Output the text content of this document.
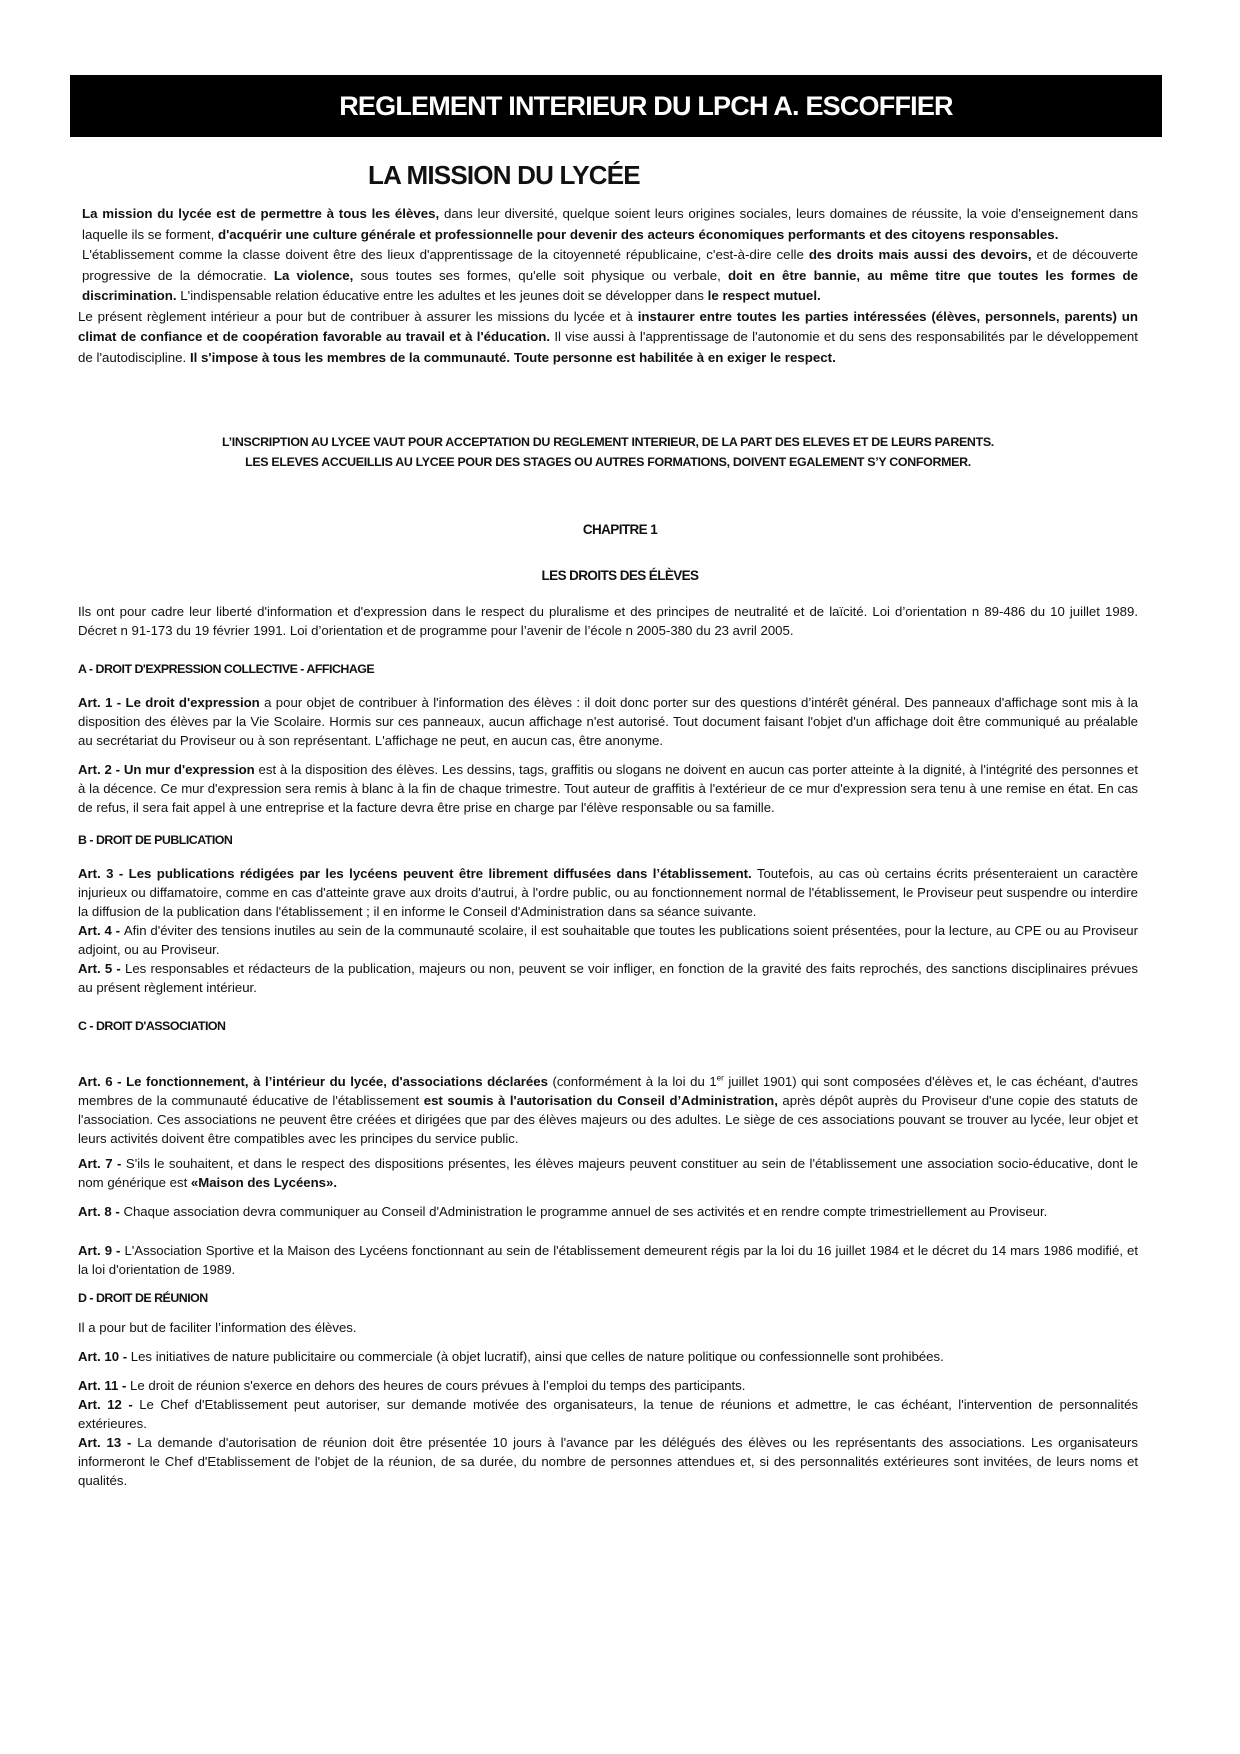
REGLEMENT INTERIEUR DU LPCH A. ESCOFFIER
LA MISSION DU LYCÉE

La mission du lycée est de permettre à tous les élèves, dans leur diversité, quelque soient leurs origines sociales, leurs domaines de réussite, la voie d'enseignement dans laquelle ils se forment, d'acquérir une culture générale et professionnelle pour devenir des acteurs économiques performants et des citoyens responsables.

L'établissement comme la classe doivent être des lieux d'apprentissage de la citoyenneté républicaine, c'est-à-dire celle des droits mais aussi des devoirs, et de découverte progressive de la démocratie. La violence, sous toutes ses formes, qu'elle soit physique ou verbale, doit en être bannie, au même titre que toutes les formes de discrimination. L'indispensable relation éducative entre les adultes et les jeunes doit se développer dans le respect mutuel.

Le présent règlement intérieur a pour but de contribuer à assurer les missions du lycée et à instaurer entre toutes les parties intéressées (élèves, personnels, parents) un climat de confiance et de coopération favorable au travail et à l'éducation. Il vise aussi à l'apprentissage de l'autonomie et du sens des responsabilités par le développement de l'autodiscipline. Il s'impose à tous les membres de la communauté. Toute personne est habilitée à en exiger le respect.

L’INSCRIPTION AU LYCEE VAUT POUR ACCEPTATION DU REGLEMENT INTERIEUR, DE LA PART DES ELEVES ET DE LEURS PARENTS.
LES ELEVES ACCUEILLIS AU LYCEE POUR DES STAGES OU AUTRES FORMATIONS, DOIVENT EGALEMENT S’Y CONFORMER.
CHAPITRE 1
LES DROITS DES ÉLÈVES

Ils ont pour cadre leur liberté d'information et d'expression dans le respect du pluralisme et des principes de neutralité et de laïcité. Loi d’orientation n 89-486 du 10 juillet 1989. Décret n 91-173 du 19 février 1991. Loi d’orientation et de programme pour l’avenir de l’école n 2005-380 du 23 avril 2005.

A - DROIT D'EXPRESSION COLLECTIVE - AFFICHAGE

Art. 1 - Le droit d'expression a pour objet de contribuer à l'information des élèves : il doit donc porter sur des questions d’intérêt général. Des panneaux d'affichage sont mis à la disposition des élèves par la Vie Scolaire. Hormis sur ces panneaux, aucun affichage n'est autorisé. Tout document faisant l'objet d'un affichage doit être communiqué au préalable au secrétariat du Proviseur ou à son représentant. L'affichage ne peut, en aucun cas, être anonyme.

Art. 2 - Un mur d'expression est à la disposition des élèves. Les dessins, tags, graffitis ou slogans ne doivent en aucun cas porter atteinte à la dignité, à l'intégrité des personnes et à la décence. Ce mur d'expression sera remis à blanc à la fin de chaque trimestre. Tout auteur de graffitis à l'extérieur de ce mur d'expression sera tenu à une remise en état. En cas de refus, il sera fait appel à une entreprise et la facture devra être prise en charge par l'élève responsable ou sa famille.

B - DROIT DE PUBLICATION

Art. 3 - Les publications rédigées par les lycéens peuvent être librement diffusées dans l’établissement. Toutefois, au cas où certains écrits présenteraient un caractère injurieux ou diffamatoire, comme en cas d'atteinte grave aux droits d'autrui, à l'ordre public, ou au fonctionnement normal de l'établissement, le Proviseur peut suspendre ou interdire la diffusion de la publication dans l'établissement ; il en informe le Conseil d'Administration dans sa séance suivante.

Art. 4 - Afin d'éviter des tensions inutiles au sein de la communauté scolaire, il est souhaitable que toutes les publications soient présentées, pour la lecture, au CPE ou au Proviseur adjoint, ou au Proviseur.

Art. 5 - Les responsables et rédacteurs de la publication, majeurs ou non, peuvent se voir infliger, en fonction de la gravité des faits reprochés, des sanctions disciplinaires prévues au présent règlement intérieur.

C - DROIT D'ASSOCIATION

Art. 6 - Le fonctionnement, à l’intérieur du lycée, d'associations déclarées (conformément à la loi du 1er juillet 1901) qui sont composées d'élèves et, le cas échéant, d'autres membres de la communauté éducative de l'établissement est soumis à l'autorisation du Conseil d’Administration, après dépôt auprès du Proviseur d'une copie des statuts de l'association. Ces associations ne peuvent être créées et dirigées que par des élèves majeurs ou des adultes. Le siège de ces associations pouvant se trouver au lycée, leur objet et leurs activités doivent être compatibles avec les principes du service public.

Art. 7 - S'ils le souhaitent, et dans le respect des dispositions présentes, les élèves majeurs peuvent constituer au sein de l'établissement une association socio-éducative, dont le nom générique est «Maison des Lycéens».

Art. 8 - Chaque association devra communiquer au Conseil d'Administration le programme annuel de ses activités et en rendre compte trimestriellement au Proviseur.

Art. 9 - L'Association Sportive et la Maison des Lycéens fonctionnant au sein de l'établissement demeurent régis par la loi du 16 juillet 1984 et le décret du 14 mars 1986 modifié, et la loi d'orientation de 1989.

D - DROIT DE RÉUNION

Il a pour but de faciliter l’information des élèves.

Art. 10 - Les initiatives de nature publicitaire ou commerciale (à objet lucratif), ainsi que celles de nature politique ou confessionnelle sont prohibées.

Art. 11 - Le droit de réunion s'exerce en dehors des heures de cours prévues à l’emploi du temps des participants.

Art. 12 - Le Chef d'Etablissement peut autoriser, sur demande motivée des organisateurs, la tenue de réunions et admettre, le cas échéant, l'intervention de personnalités extérieures.

Art. 13 - La demande d'autorisation de réunion doit être présentée 10 jours à l'avance par les délégués des élèves ou les représentants des associations. Les organisateurs informeront le Chef d'Etablissement de l'objet de la réunion, de sa durée, du nombre de personnes attendues et, si des personnalités extérieures sont invitées, de leurs noms et qualités.
